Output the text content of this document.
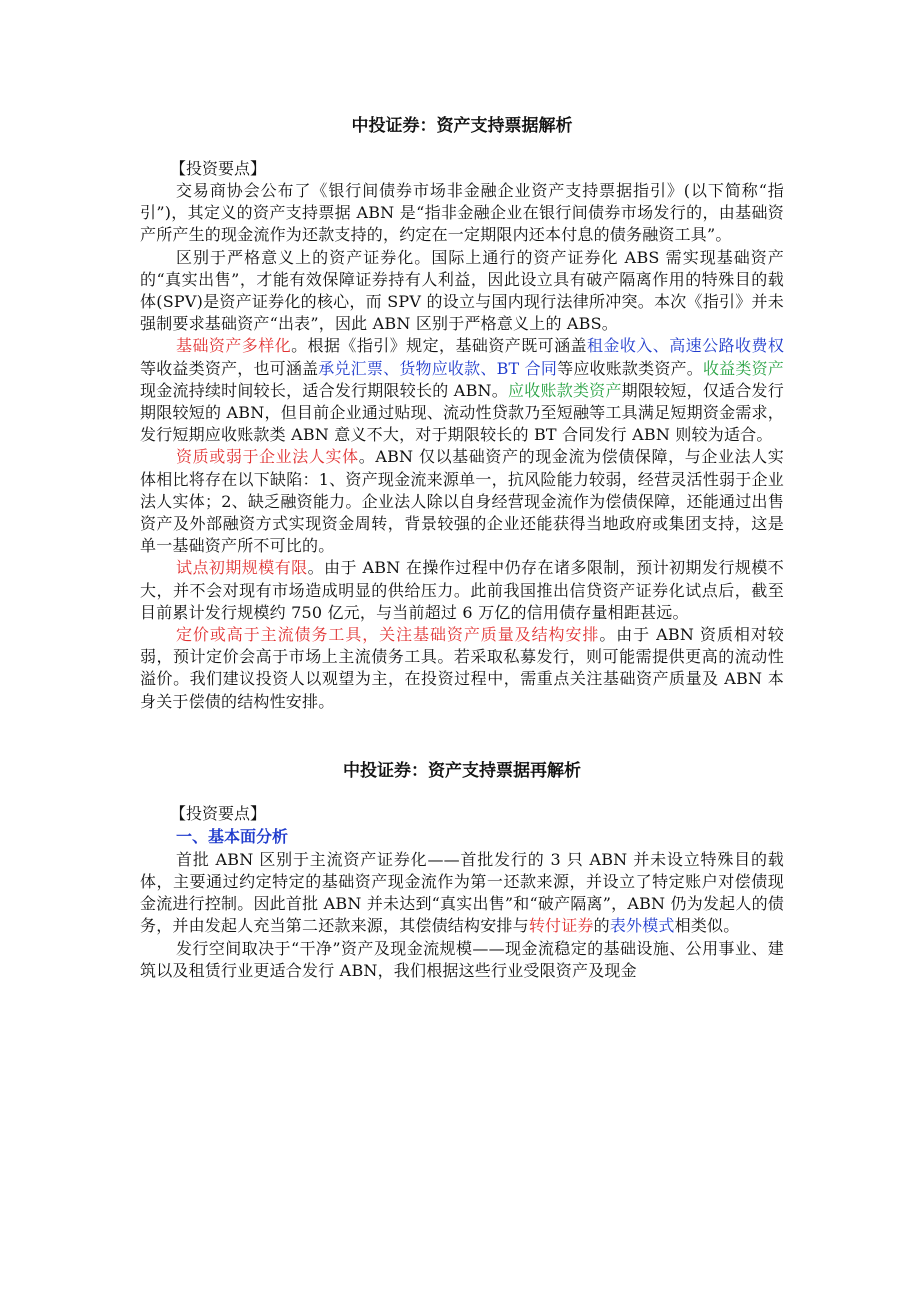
中投证券：资产支持票据解析
【投资要点】

交易商协会公布了《银行间债券市场非金融企业资产支持票据指引》(以下简称“指引”)，其定义的资产支持票据 ABN 是“指非金融企业在银行间债券市场发行的，由基础资产所产生的现金流作为还款支持的，约定在一定期限内还本付息的债务融资工具”。

区别于严格意义上的资产证券化。国际上通行的资产证券化 ABS 需实现基础资产的“真实出售”，才能有效保障证券持有人利益，因此设立具有破产隔离作用的特殊目的载体(SPV)是资产证券化的核心，而 SPV 的设立与国内现行法律所冲突。本次《指引》并未强制要求基础资产“出表”，因此 ABN 区别于严格意义上的 ABS。

基础资产多样化。根据《指引》规定，基础资产既可涵盖租金收入、高速公路收费权等收益类资产，也可涵盖承兑汇票、货物应收款、BT 合同等应收账款类资产。收益类资产现金流持续时间较长，适合发行期限较长的 ABN。应收账款类资产期限较短，仅适合发行期限较短的 ABN，但目前企业通过贴现、流动性贷款乃至短融等工具满足短期资金需求，发行短期应收账款类 ABN 意义不大，对于期限较长的 BT 合同发行 ABN 则较为适合。

资质或弱于企业法人实体。ABN 仅以基础资产的现金流为偿债保障，与企业法人实体相比将存在以下缺陷：1、资产现金流来源单一，抗风险能力较弱，经营灵活性弱于企业法人实体；2、缺乏融资能力。企业法人除以自身经营现金流作为偿债保障，还能通过出售资产及外部融资方式实现资金周转，背景较强的企业还能获得当地政府或集团支持，这是单一基础资产所不可比的。

试点初期规模有限。由于 ABN 在操作过程中仍存在诸多限制，预计初期发行规模不大，并不会对现有市场造成明显的供给压力。此前我国推出信贷资产证券化试点后，截至目前累计发行规模约 750 亿元，与当前超过 6 万亿的信用债存量相距甚远。

定价或高于主流债务工具，关注基础资产质量及结构安排。由于 ABN 资质相对较弱，预计定价会高于市场上主流债务工具。若采取私募发行，则可能需提供更高的流动性溢价。我们建议投资人以观望为主，在投资过程中，需重点关注基础资产质量及 ABN 本身关于偿债的结构性安排。

中投证券：资产支持票据再解析
【投资要点】
一、基本面分析

首批 ABN 区别于主流资产证券化——首批发行的 3 只 ABN 并未设立特殊目的载体，主要通过约定特定的基础资产现金流作为第一还款来源，并设立了特定账户对偿债现金流进行控制。因此首批 ABN 并未达到“真实出售”和“破产隔离”，ABN 仍为发起人的债务，并由发起人充当第二还款来源，其偿债结构安排与转付证券的表外模式相类似。

发行空间取决于“干净”资产及现金流规模——现金流稳定的基础设施、公用事业、建筑以及租赁行业更适合发行 ABN，我们根据这些行业受限资产及现金
